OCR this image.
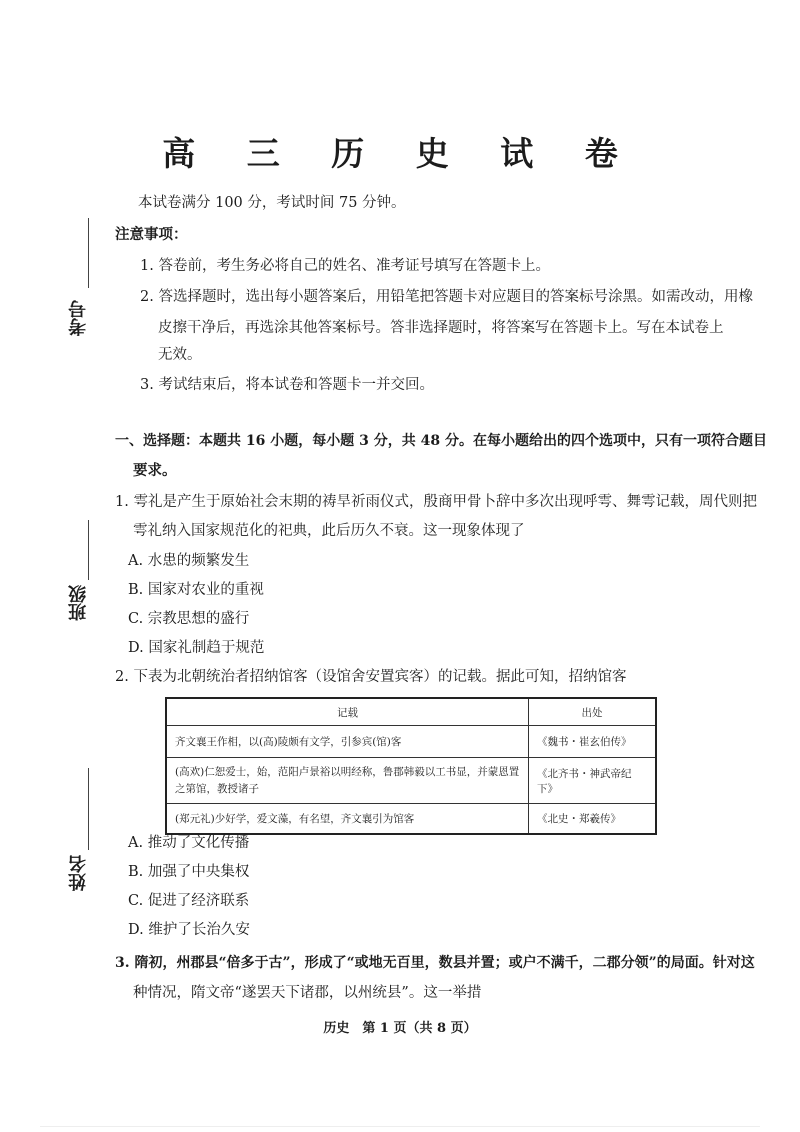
考号
班级
姓名
高 三 历 史 试 卷
本试卷满分 100 分，考试时间 75 分钟。
注意事项：
1. 答卷前，考生务必将自己的姓名、准考证号填写在答题卡上。
2. 答选择题时，选出每小题答案后，用铅笔把答题卡对应题目的答案标号涂黑。如需改动，用橡
皮擦干净后，再选涂其他答案标号。答非选择题时，将答案写在答题卡上。写在本试卷上
无效。
3. 考试结束后，将本试卷和答题卡一并交回。
一、选择题：本题共 16 小题，每小题 3 分，共 48 分。在每小题给出的四个选项中，只有一项符合题目
要求。
1. 雩礼是产生于原始社会末期的祷旱祈雨仪式，殷商甲骨卜辞中多次出现呼雩、舞雩记载，周代则把
雩礼纳入国家规范化的祀典，此后历久不衰。这一现象体现了
A. 水患的频繁发生
B. 国家对农业的重视
C. 宗教思想的盛行
D. 国家礼制趋于规范
2. 下表为北朝统治者招纳馆客（设馆舍安置宾客）的记载。据此可知，招纳馆客
记载	出处
齐文襄王作相，以(高)陵颇有文学，引参宾(馆)客	《魏书・崔玄伯传》
(高欢)仁恕爱士，始，范阳卢景裕以明经称，鲁郡韩毅以工书显，并蒙恩置之第馆，教授诸子	《北齐书・神武帝纪下》
(郑元礼)少好学，爱文藻，有名望，齐文襄引为馆客	《北史・郑羲传》
A. 推动了文化传播
B. 加强了中央集权
C. 促进了经济联系
D. 维护了长治久安
3. 隋初，州郡县“倍多于古”，形成了“或地无百里，数县并置；或户不满千，二郡分领”的局面。针对这
种情况，隋文帝“遂罢天下诸郡，以州统县”。这一举措
历史　第 1 页（共 8 页）
